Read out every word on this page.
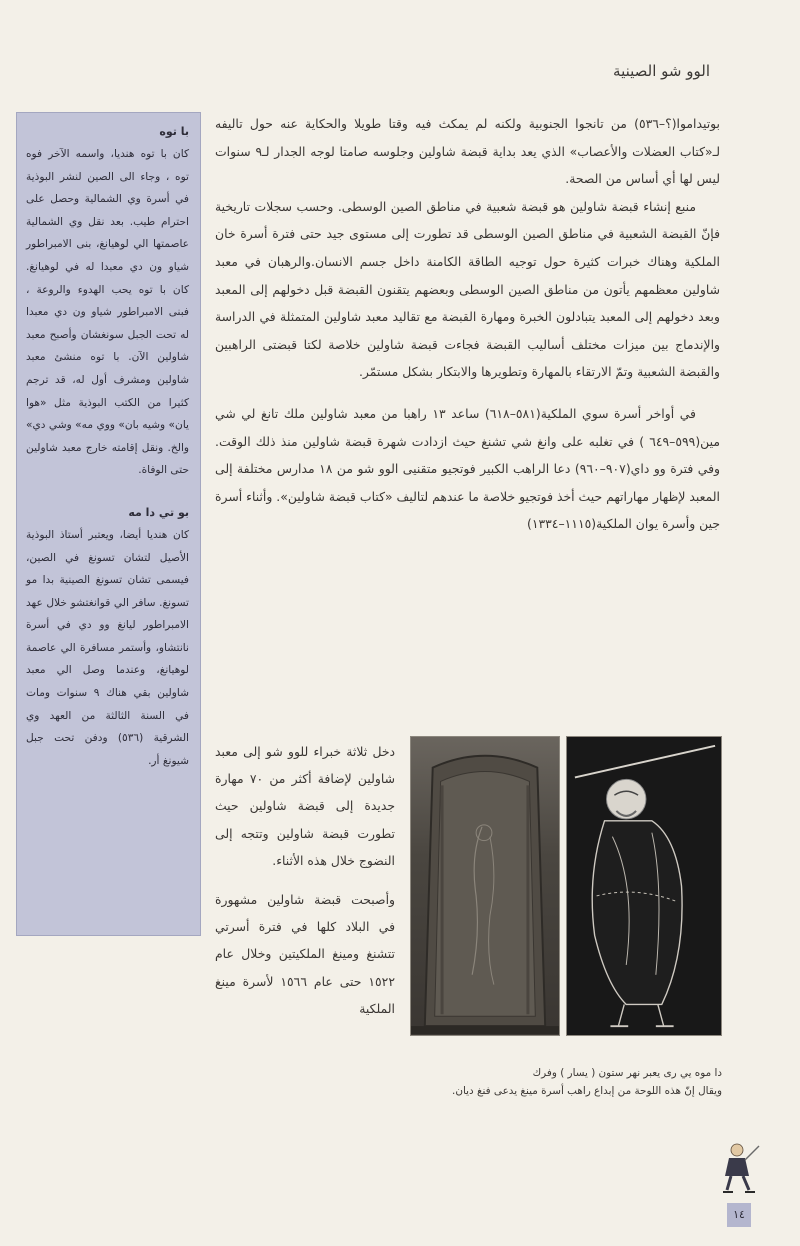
الوو شو الصينية

بوتيداموا(؟–٥٣٦) من تانجوا الجنوبية ولكنه لم يمكث فيه وقتا طويلا والحكاية عنه حول تاليفه لـ«كتاب العضلات والأعصاب» الذي يعد بداية قبضة شاولين وجلوسه صامتا لوجه الجدار لـ٩ سنوات ليس لها أي أساس من الصحة.

منبع إنشاء قبضة شاولين هو قبضة شعبية في مناطق الصين الوسطى. وحسب سجلات تاريخية فإنّ القبضة الشعبية في مناطق الصين الوسطى قد تطورت إلى مستوى جيد حتى فترة أسرة خان الملكية وهناك خبرات كثيرة حول توجيه الطاقة الكامنة داخل جسم الانسان.والرهبان في معبد شاولين معظمهم يأتون من مناطق الصين الوسطى وبعضهم يتقنون القبضة قبل دخولهم إلى المعبد وبعد دخولهم إلى المعبد يتبادلون الخبرة ومهارة القبضة مع تقاليد معبد شاولين المتمثلة في الدراسة والإندماج بين ميزات مختلف أساليب القبضة فجاءت قبضة شاولين خلاصة لكتا قبضتى الراهبين والقبضة الشعبية وتمّ الارتقاء بالمهارة وتطويرها والابتكار بشكل مستمّر.

في أواخر أسرة سوي الملكية(٥٨١–٦١٨) ساعد ١٣ راهبا من معبد شاولين ملك تانغ لي شي مين(٥٩٩–٦٤٩ ) في تغلبه على وانغ شي تشنغ حيث ازدادت شهرة قبضة شاولين منذ ذلك الوقت. وفي فترة وو داي(٩٠٧–٩٦٠) دعا الراهب الكبير فوتجيو متقنيى الوو شو من ١٨ مدارس مختلفة إلى المعبد لإظهار مهاراتهم حيث أخذ فوتجيو خلاصة ما عندهم لتاليف «كتاب قبضة شاولين». وأثناء أسرة جين وأسرة يوان الملكية(١١١٥–١٣٣٤)

دخل ثلاثة خبراء للوو شو إلى معبد شاولين لإضافة أكثر من ٧٠ مهارة جديدة إلى قبضة شاولين حيث تطورت قبضة شاولين وتتجه إلى النضوج خلال هذه الأثناء.

وأصبحت قبضة شاولين مشهورة في البلاد كلها في فترة أسرتي تتشنغ ومينغ الملكيتين وخلال عام ١٥٢٢ حتى عام ١٥٦٦ لأسرة مينغ الملكية

با توه

كان با توه هنديا، واسمه الآخر فوه توه ، وجاء الى الصين لنشر البوذية في أسرة وي الشمالية وحصل على احترام طيب. بعد نقل وي الشمالية عاصمتها الي لوهيانغ، بنى الامبراطور شياو ون دي معبدا له في لوهيانغ. كان با توه يحب الهدوء والروعة ، فبنى الامبراطور شياو ون دي معبدا له تحت الجبل سونغشان وأصبح معبد شاولين الآن. با توه منشئ معبد شاولين ومشرف أول له، قد ترجم كثيرا من الكتب البوذية مثل «هوا يان» وشيه بان» ووي مه» وشي دي» والخ. ونقل إقامته خارج معبد شاولين حتى الوفاة.

بو تي دا مه

كان هنديا أيضا، ويعتبر أستاذ البوذية الأصيل لتشان تسونغ في الصين، فيسمى تشان تسونغ الصينية بدا مو تسونغ. سافر الي قوانغتشو خلال عهد الامبراطور ليانغ وو دي في أسرة نانتشاو، وأستمر مسافرة الي عاصمة لوهيانغ، وعندما وصل الي معبد شاولين بقي هناك ٩ سنوات ومات في السنة الثالثة من العهد وي الشرقية (٥٣٦) ودفن تحت جبل شيونغ أر.

دا موه يي رى يعبر نهر ستون ( يسار ) وفرك

ويقال إنّ هذه اللوحة من إبداع راهب أسرة مينغ يدعى فنغ ديان.

١٤
